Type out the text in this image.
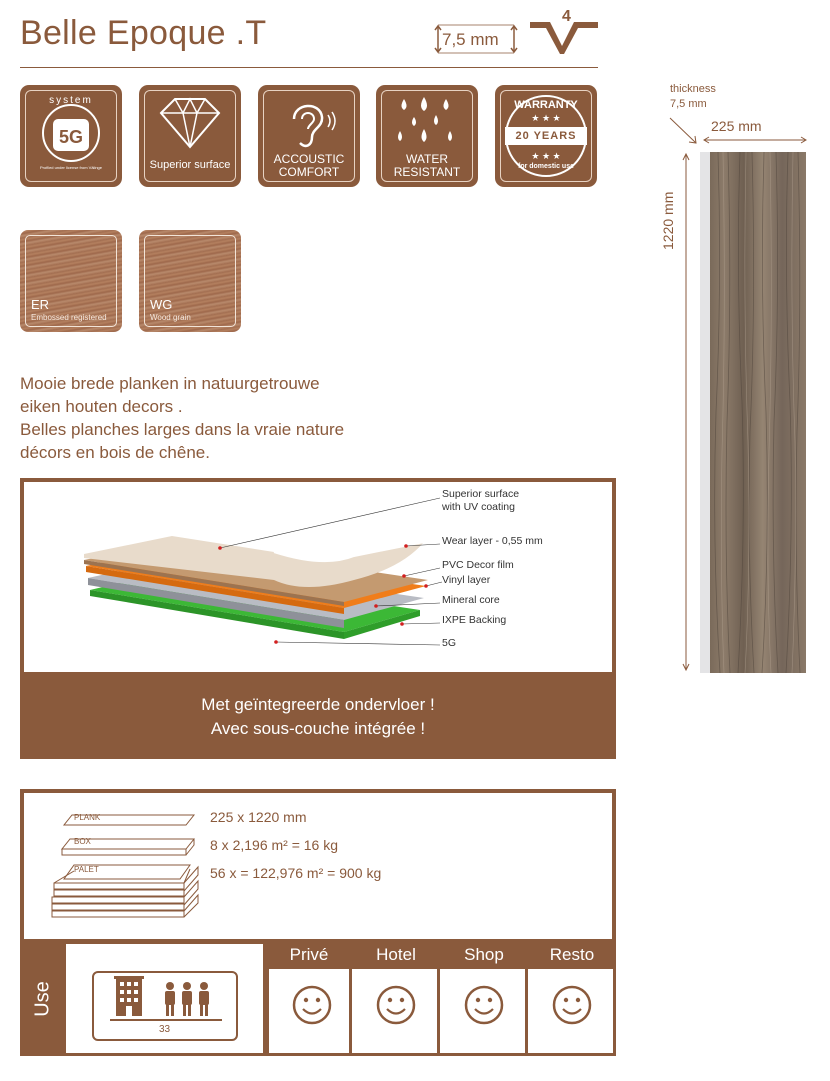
Belle Epoque .T	7,5 mm
4
5G
system
Profiled under license from Välinge	Superior surface	ACCOUSTIC
COMFORT
WATER
RESISTANT
★ ★ ★
★ ★ ★
WARRANTY
20 YEARS
for domestic use
ER
Embossed registered
WG
Wood grain
Mooie brede planken in natuurgetrouwe
eiken houten decors .
Belles planches larges dans la vraie nature
décors en bois de chêne.
Superior surface
with UV coating
Wear layer - 0,55 mm
PVC Decor film
Vinyl layer
Mineral core
IXPE Backing
5G
Met geïntegreerde ondervloer !
Avec sous-couche intégrée !
PLANK
BOX
PALET
225 x 1220 mm
8 x 2,196 m² = 16 kg
56 x = 122,976 m² = 900 kg
Use
33
Privé	Hotel	Shop	Resto
thickness
7,5 mm
225 mm
1220 mm
